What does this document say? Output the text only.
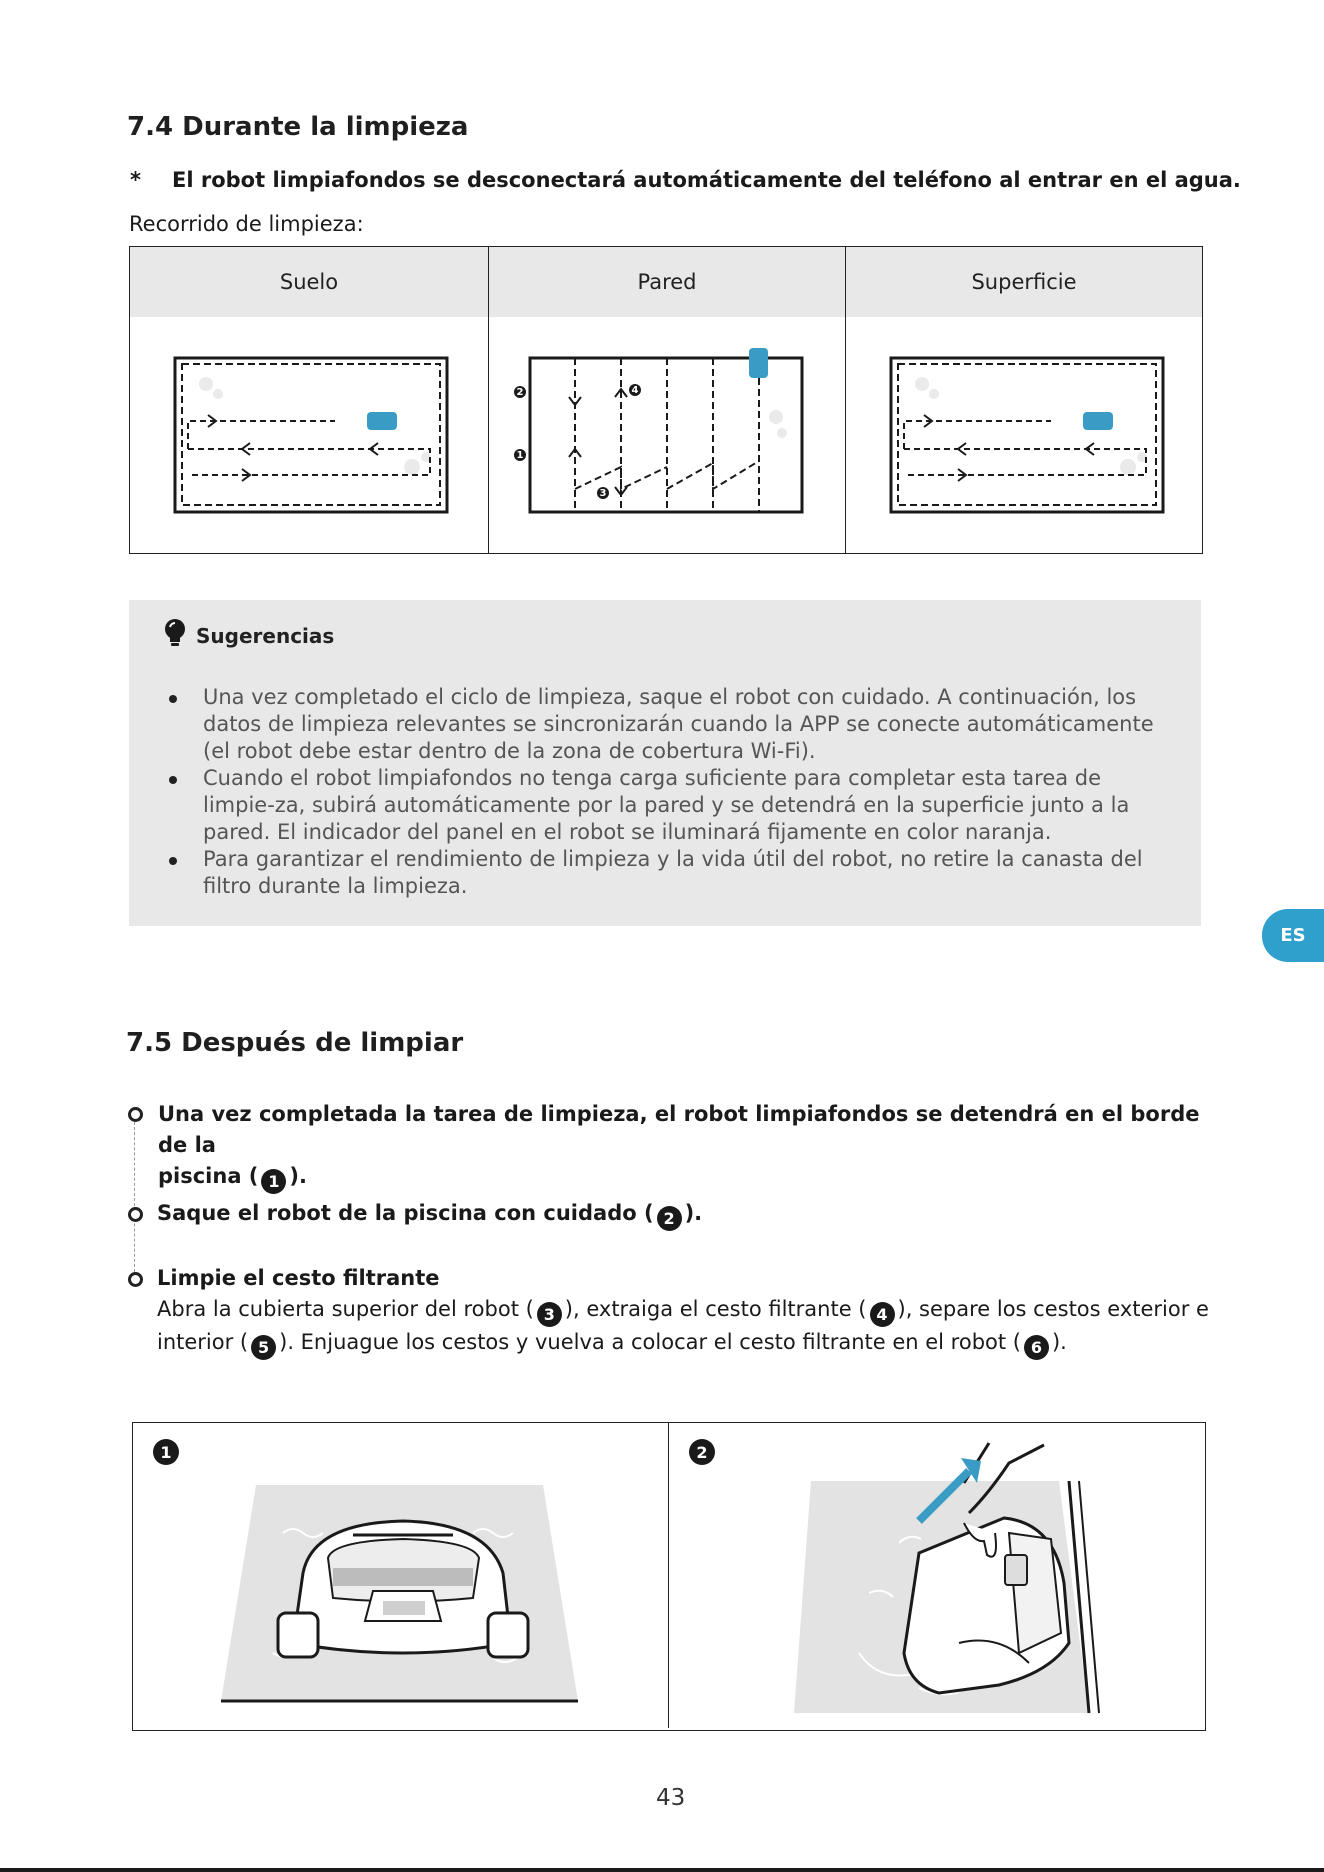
7.4 Durante la limpieza
* El robot limpiafondos se desconectará automáticamente del teléfono al entrar en el agua.
Recorrido de limpieza:
Suelo	Pared
1
2
3
4
Superficie
Sugerencias
Una vez completado el ciclo de limpieza, saque el robot con cuidado. A continuación, los datos de limpieza relevantes se sincronizarán cuando la APP se conecte automáticamente (el robot debe estar dentro de la zona de cobertura Wi-Fi).
Cuando el robot limpiafondos no tenga carga suficiente para completar esta tarea de limpie-za, subirá automáticamente por la pared y se detendrá en la superficie junto a la pared. El indicador del panel en el robot se iluminará fijamente en color naranja.
Para garantizar el rendimiento de limpieza y la vida útil del robot, no retire la canasta del filtro durante la limpieza.
ES
7.5 Después de limpiar
Una vez completada la tarea de limpieza, el robot limpiafondos se detendrá en el borde de la
piscina ( 1 ).
Saque el robot de la piscina con cuidado ( 2 ).
Limpie el cesto filtrante
Abra la cubierta superior del robot ( 3 ), extraiga el cesto filtrante ( 4 ), separe los cestos exterior e
interior ( 5 ). Enjuague los cestos y vuelva a colocar el cesto filtrante en el robot ( 6 ).
1	2
43
